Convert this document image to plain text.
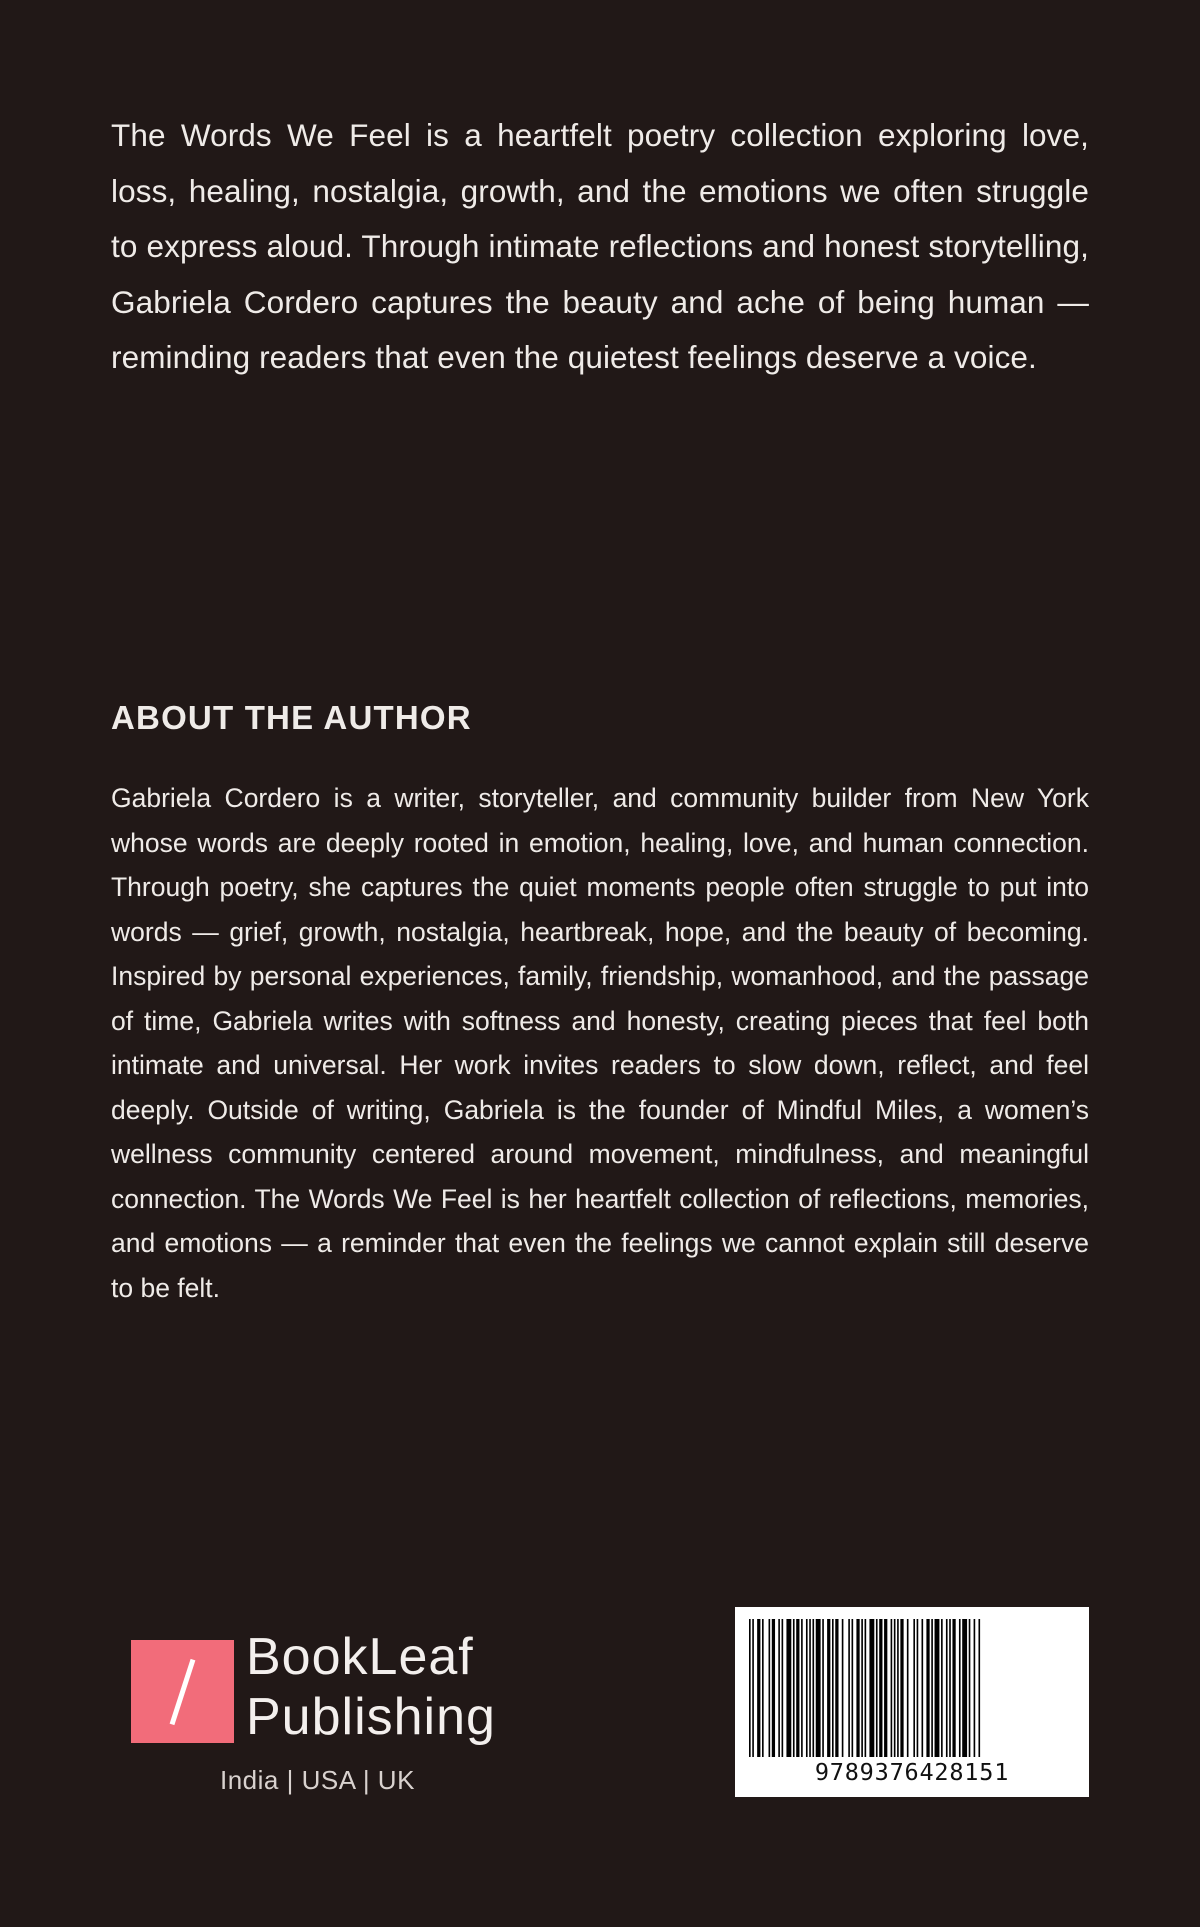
The Words We Feel is a heartfelt poetry collection exploring love, loss, healing, nostalgia, growth, and the emotions we often struggle to express aloud. Through intimate reflections and honest storytelling, Gabriela Cordero captures the beauty and ache of being human — reminding readers that even the quietest feelings deserve a voice.

ABOUT THE AUTHOR

Gabriela Cordero is a writer, storyteller, and community builder from New York whose words are deeply rooted in emotion, healing, love, and human connection. Through poetry, she captures the quiet moments people often struggle to put into words — grief, growth, nostalgia, heartbreak, hope, and the beauty of becoming. Inspired by personal experiences, family, friendship, womanhood, and the passage of time, Gabriela writes with softness and honesty, creating pieces that feel both intimate and universal. Her work invites readers to slow down, reflect, and feel deeply. Outside of writing, Gabriela is the founder of Mindful Miles, a women’s wellness community centered around movement, mindfulness, and meaningful connection. The Words We Feel is her heartfelt collection of reflections, memories, and emotions — a reminder that even the feelings we cannot explain still deserve to be felt.

BookLeaf
Publishing
India | USA | UK	9789376428151
